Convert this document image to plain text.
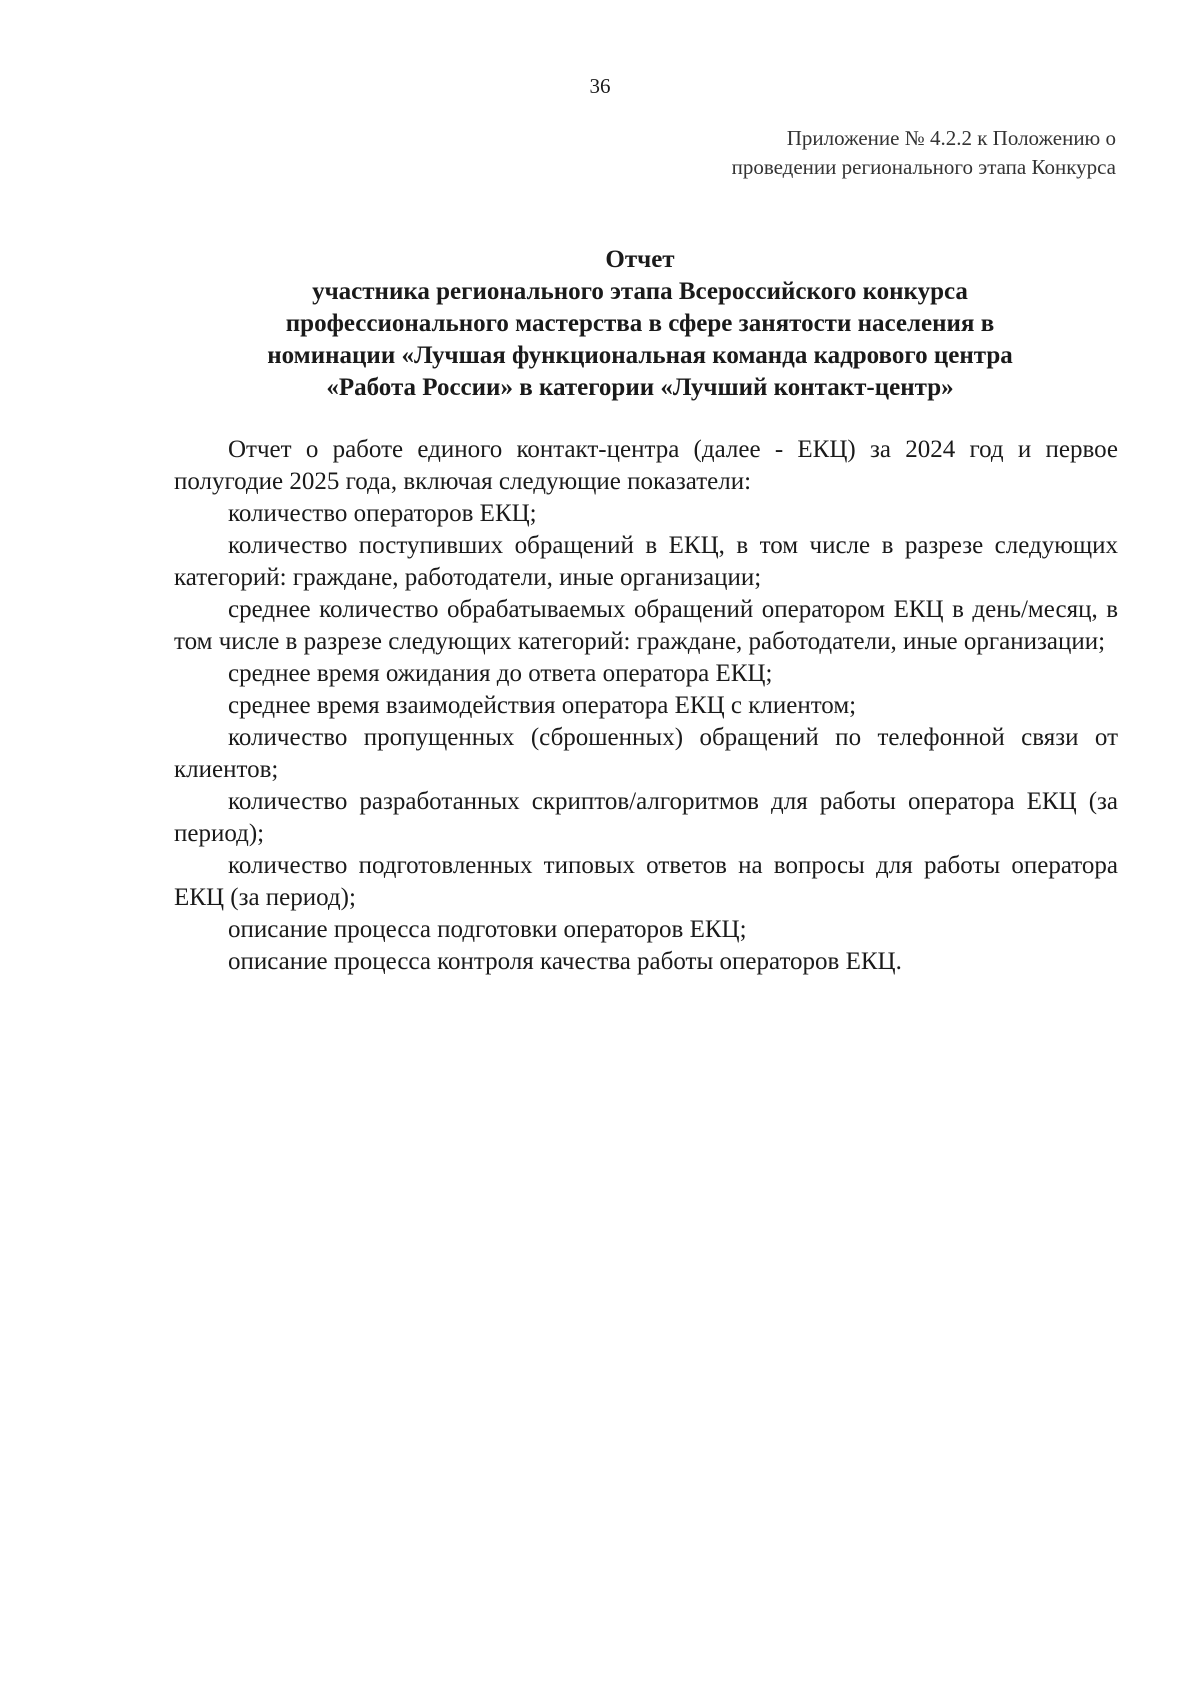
36
Приложение № 4.2.2 к Положению о
проведении регионального этапа Конкурса
Отчет
участника регионального этапа Всероссийского конкурса
профессионального мастерства в сфере занятости населения в
номинации «Лучшая функциональная команда кадрового центра
«Работа России» в категории «Лучший контакт-центр»

Отчет о работе единого контакт-центра (далее - ЕКЦ) за 2024 год и первое полугодие 2025 года, включая следующие показатели:

количество операторов ЕКЦ;

количество поступивших обращений в ЕКЦ, в том числе в разрезе следующих категорий: граждане, работодатели, иные организации;

среднее количество обрабатываемых обращений оператором ЕКЦ в день/месяц, в том числе в разрезе следующих категорий: граждане, работодатели, иные организации;

среднее время ожидания до ответа оператора ЕКЦ;

среднее время взаимодействия оператора ЕКЦ с клиентом;

количество пропущенных (сброшенных) обращений по телефонной связи от клиентов;

количество разработанных скриптов/алгоритмов для работы оператора ЕКЦ (за период);

количество подготовленных типовых ответов на вопросы для работы оператора ЕКЦ (за период);

описание процесса подготовки операторов ЕКЦ;

описание процесса контроля качества работы операторов ЕКЦ.
